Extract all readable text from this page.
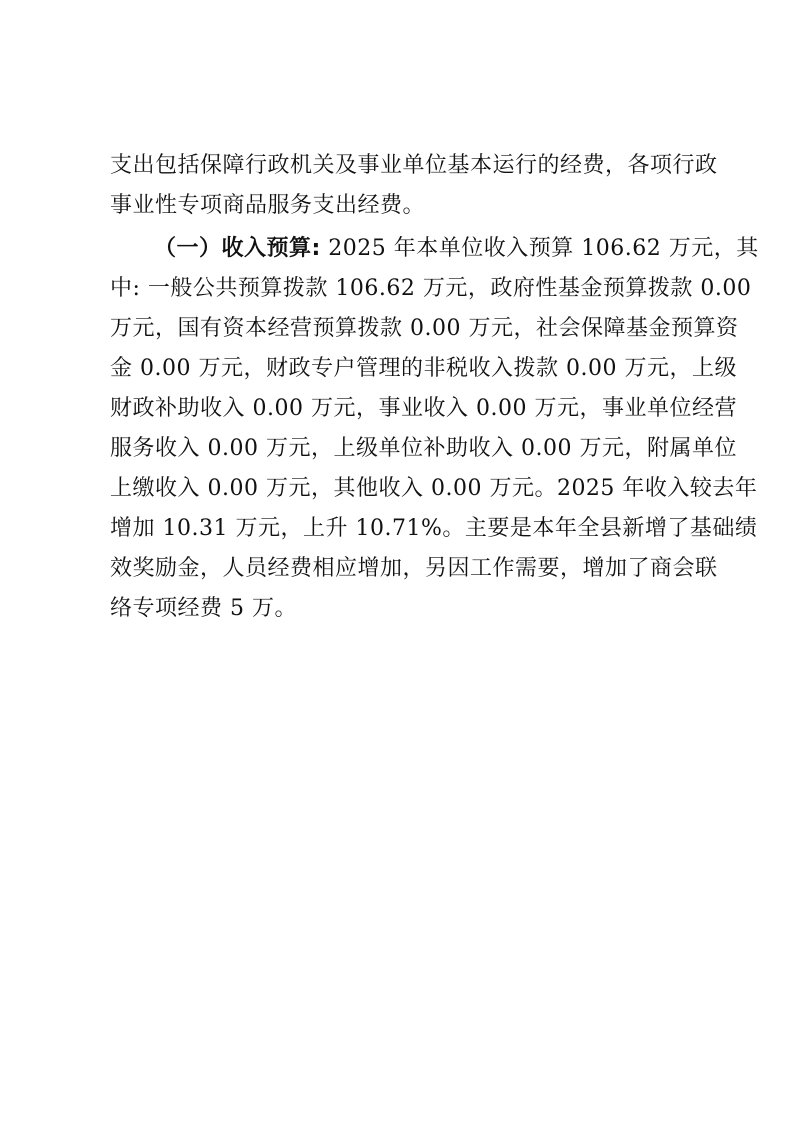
支出包括保障行政机关及事业单位基本运行的经费，各项行政
事业性专项商品服务支出经费。
（一）收入预算: 2025 年本单位收入预算 106.62 万元，其
中: 一般公共预算拨款 106.62 万元，政府性基金预算拨款 0.00
万元，国有资本经营预算拨款 0.00 万元，社会保障基金预算资
金 0.00 万元，财政专户管理的非税收入拨款 0.00 万元，上级
财政补助收入 0.00 万元，事业收入 0.00 万元，事业单位经营
服务收入 0.00 万元，上级单位补助收入 0.00 万元，附属单位
上缴收入 0.00 万元，其他收入 0.00 万元。2025 年收入较去年
增加 10.31 万元，上升 10.71%。主要是本年全县新增了基础绩
效奖励金，人员经费相应增加，另因工作需要，增加了商会联
络专项经费 5 万。
